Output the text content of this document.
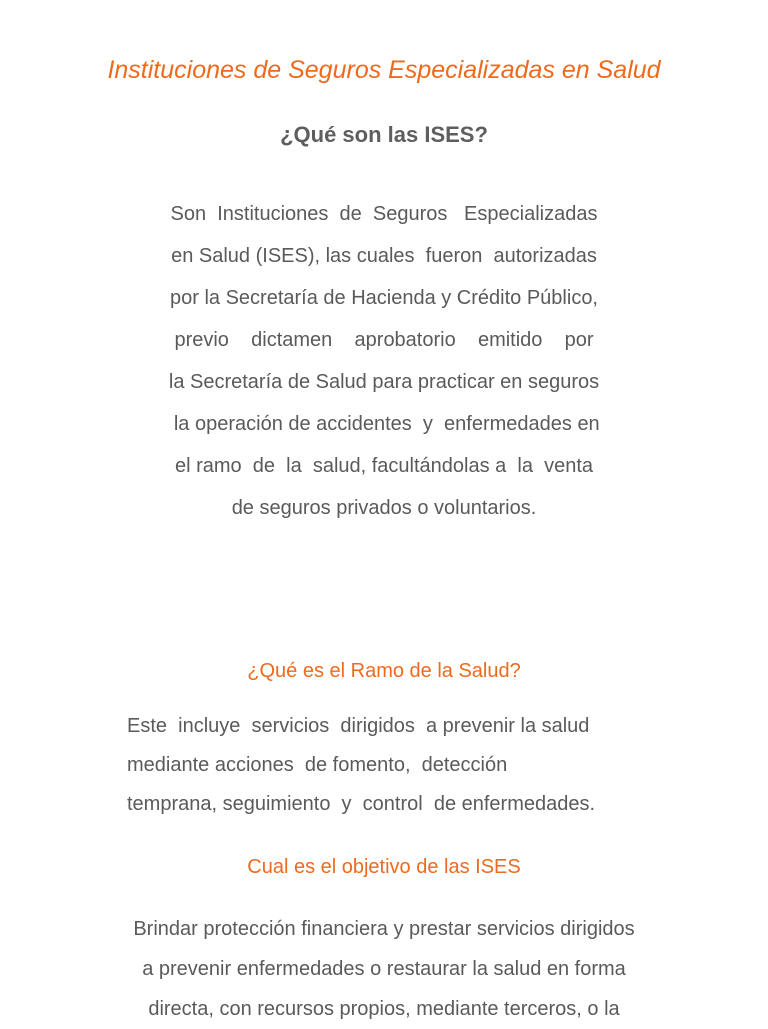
Instituciones de Seguros Especializadas en Salud
¿Qué son las ISES?

Son  Instituciones  de  Seguros   Especializadas
en Salud (ISES), las cuales  fueron  autorizadas
por la Secretaría de Hacienda y Crédito Público,
previo    dictamen    aprobatorio    emitido    por
la Secretaría de Salud para practicar en seguros
la operación de accidentes  y  enfermedades en
el ramo  de  la  salud, facultándolas a  la  venta
de seguros privados o voluntarios.

¿Qué es el Ramo de la Salud?

Este  incluye  servicios  dirigidos  a prevenir la salud
mediante acciones  de fomento,  detección
temprana, seguimiento  y  control  de enfermedades.

Cual es el objetivo de las ISES

Brindar protección financiera y prestar servicios dirigidos
a prevenir enfermedades o restaurar la salud en forma
directa, con recursos propios, mediante terceros, o la
